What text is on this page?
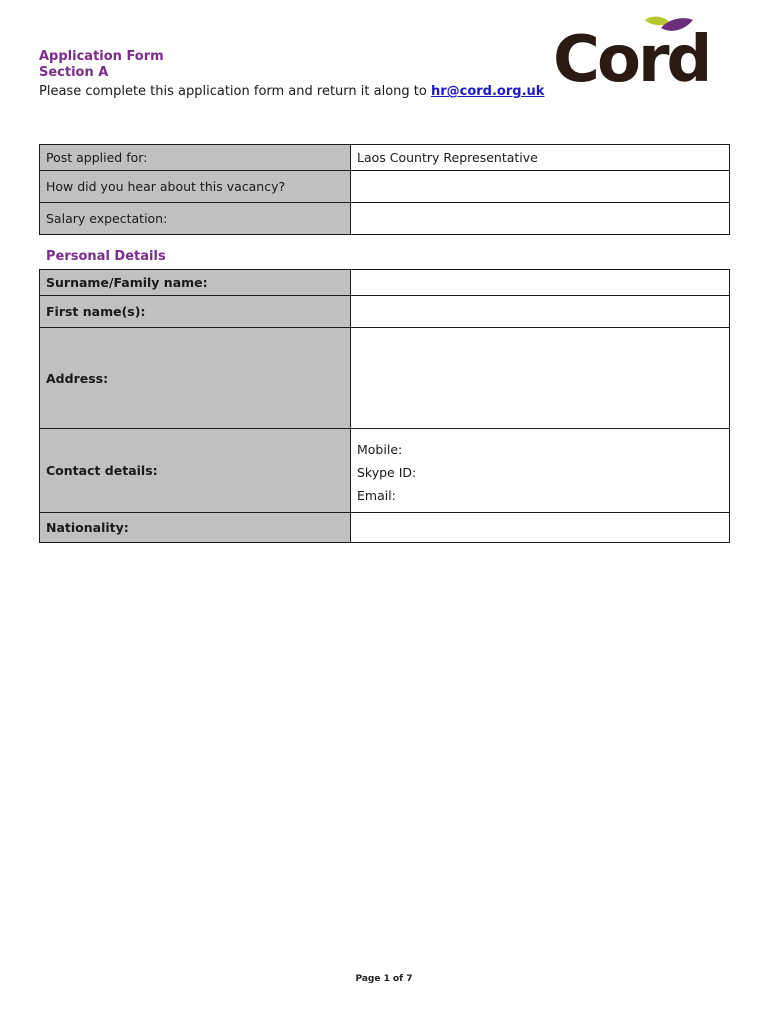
Application Form
Section A
Please complete this application form and return it along to hr@cord.org.uk Cord
Post applied for:	Laos Country Representative
How did you hear about this vacancy?	
Salary expectation:	
Personal Details
Surname/Family name:	
First name(s):	
Address:	
Contact details:	Mobile:
Skype ID:
Email:

Nationality:	
Page 1 of 7
